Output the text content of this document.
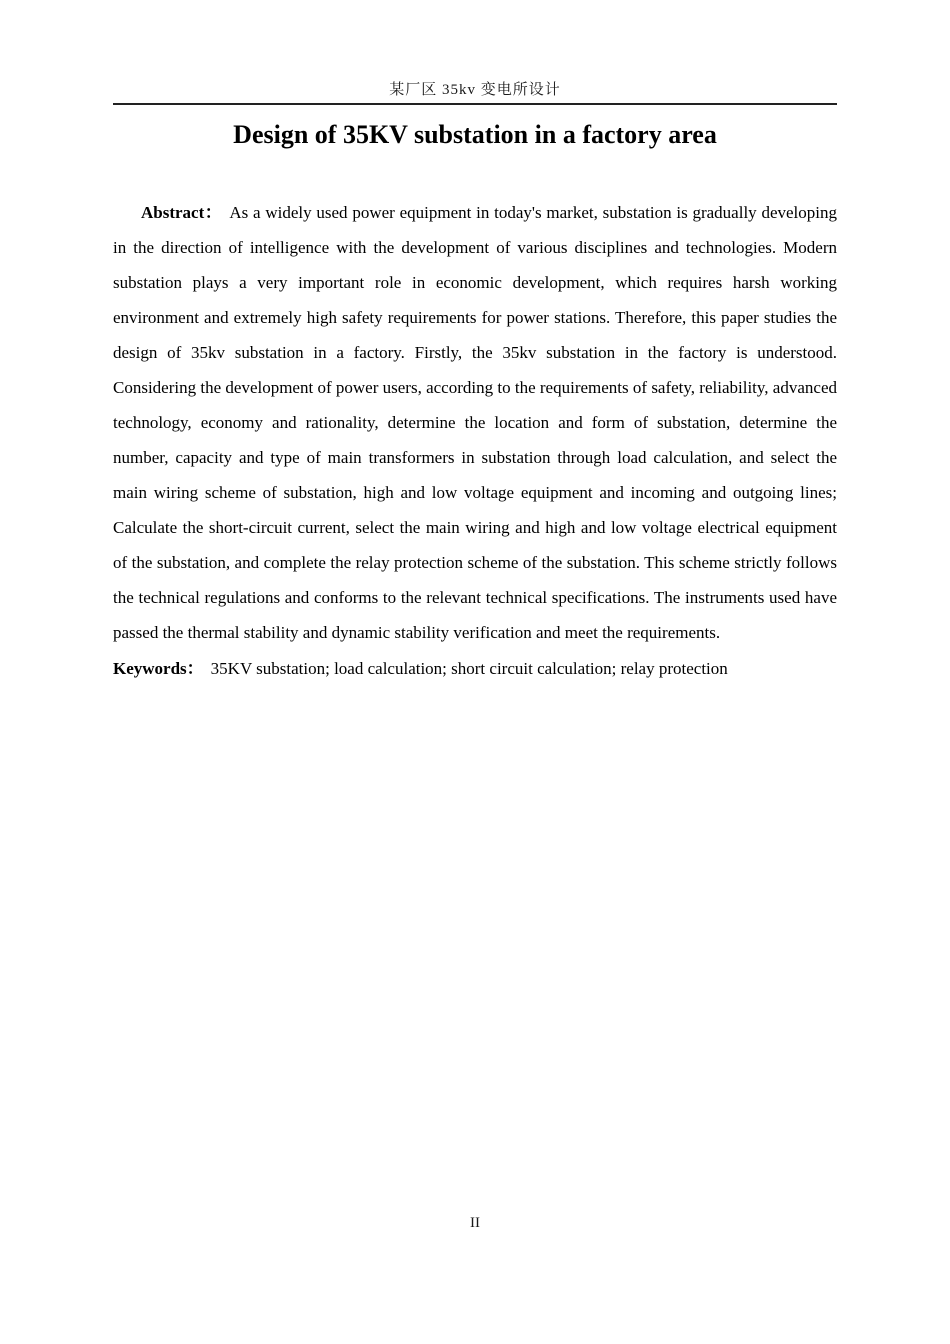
某厂区 35kv 变电所设计
Design of 35KV substation in a factory area

Abstract： As a widely used power equipment in today's market, substation is gradually developing in the direction of intelligence with the development of various disciplines and technologies. Modern substation plays a very important role in economic development, which requires harsh working environment and extremely high safety requirements for power stations. Therefore, this paper studies the design of 35kv substation in a factory. Firstly, the 35kv substation in the factory is understood. Considering the development of power users, according to the requirements of safety, reliability, advanced technology, economy and rationality, determine the location and form of substation, determine the number, capacity and type of main transformers in substation through load calculation, and select the main wiring scheme of substation, high and low voltage equipment and incoming and outgoing lines; Calculate the short-circuit current, select the main wiring and high and low voltage electrical equipment of the substation, and complete the relay protection scheme of the substation. This scheme strictly follows the technical regulations and conforms to the relevant technical specifications. The instruments used have passed the thermal stability and dynamic stability verification and meet the requirements.

Keywords： 35KV substation; load calculation; short circuit calculation; relay protection

II
